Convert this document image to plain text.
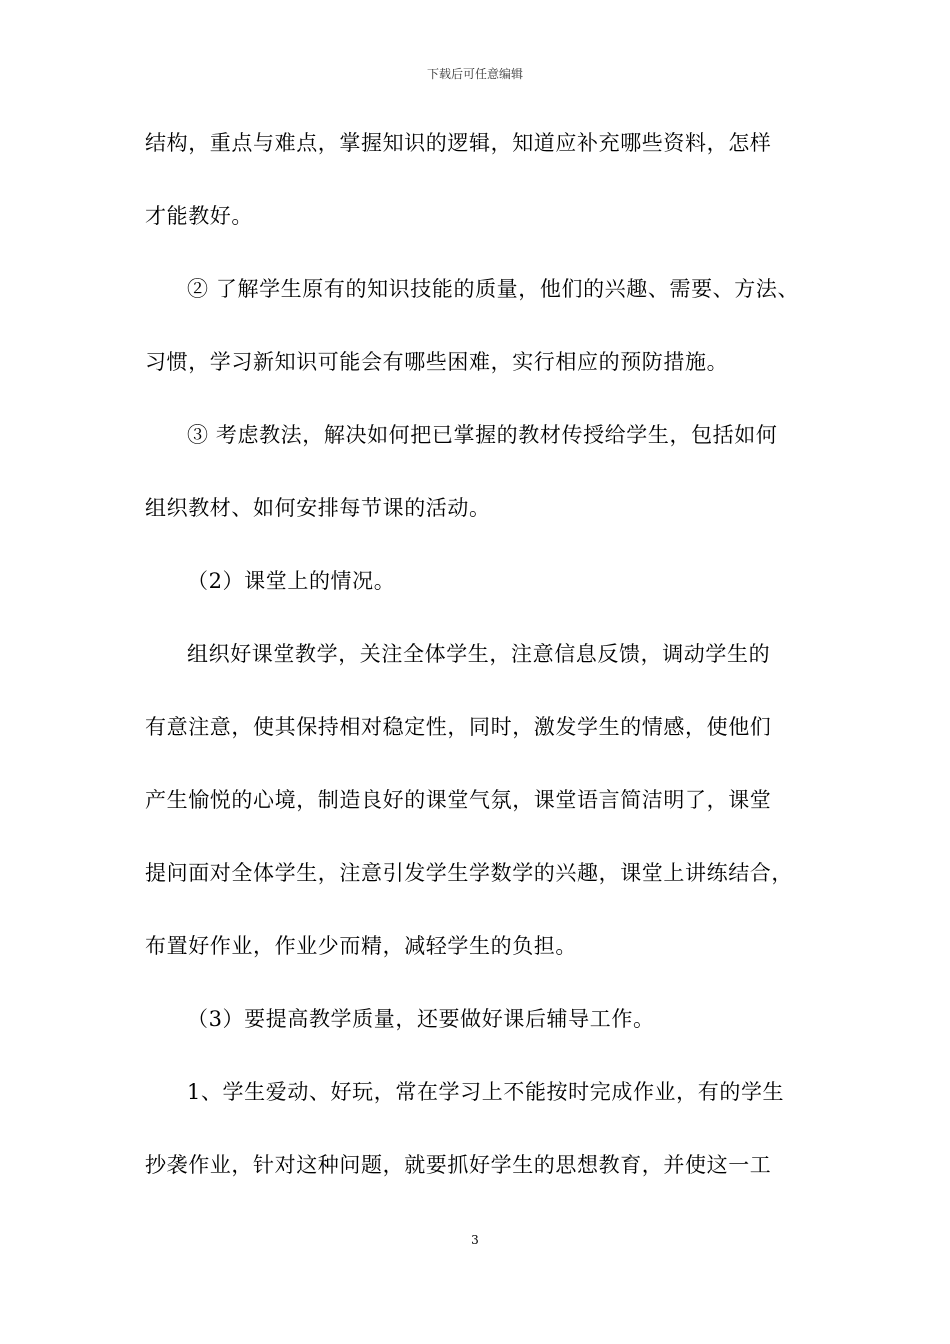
下载后可任意编辑
结构，重点与难点，掌握知识的逻辑，知道应补充哪些资料，怎样
才能教好。
② 了解学生原有的知识技能的质量，他们的兴趣、需要、方法、
习惯，学习新知识可能会有哪些困难，实行相应的预防措施。
③ 考虑教法，解决如何把已掌握的教材传授给学生，包括如何
组织教材、如何安排每节课的活动。
（2）课堂上的情况。
组织好课堂教学，关注全体学生，注意信息反馈，调动学生的
有意注意，使其保持相对稳定性，同时，激发学生的情感，使他们
产生愉悦的心境，制造良好的课堂气氛，课堂语言简洁明了，课堂
提问面对全体学生，注意引发学生学数学的兴趣，课堂上讲练结合，
布置好作业，作业少而精，减轻学生的负担。
（3）要提高教学质量，还要做好课后辅导工作。
1、学生爱动、好玩，常在学习上不能按时完成作业，有的学生
抄袭作业，针对这种问题，就要抓好学生的思想教育，并使这一工
3
